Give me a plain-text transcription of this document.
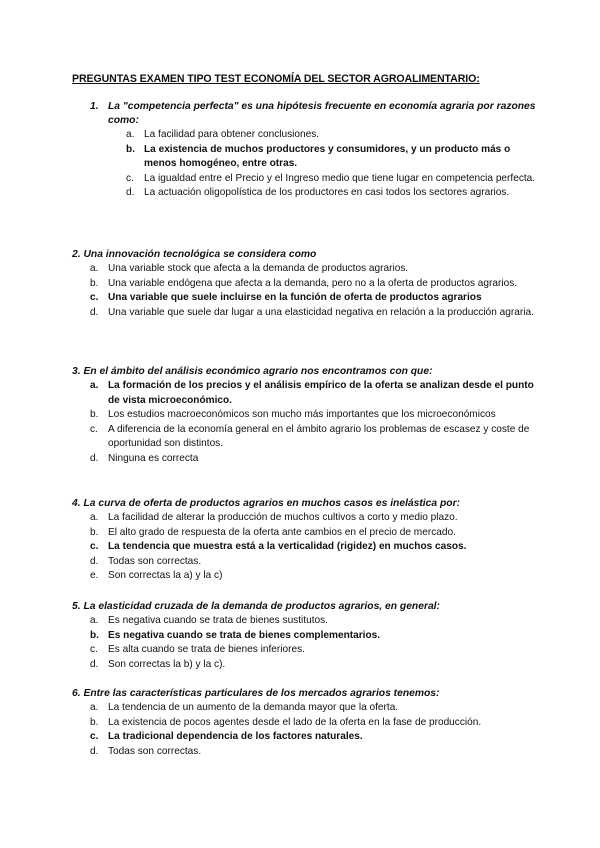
PREGUNTAS EXAMEN TIPO TEST ECONOMÍA DEL SECTOR AGROALIMENTARIO:
1. La "competencia perfecta" es una hipótesis frecuente en economía agraria por razones como:
a. La facilidad para obtener conclusiones.
b. La existencia de muchos productores y consumidores, y un producto más o menos homogéneo, entre otras.
c. La igualdad entre el Precio y el Ingreso medio que tiene lugar en competencia perfecta.
d. La actuación oligopolística de los productores en casi todos los sectores agrarios.
2. Una innovación tecnológica se considera como
a. Una variable stock que afecta a la demanda de productos agrarios.
b. Una variable endógena que afecta a la demanda, pero no a la oferta de productos agrarios.
c. Una variable que suele incluirse en la función de oferta de productos agrarios
d. Una variable que suele dar lugar a una elasticidad negativa en relación a la producción agraria.
3. En el ámbito del análisis económico agrario nos encontramos con que:
a. La formación de los precios y el análisis empírico de la oferta se analizan desde el punto de vista microeconómico.
b. Los estudios macroeconómicos son mucho más importantes que los microeconómicos
c. A diferencia de la economía general en el ámbito agrario los problemas de escasez y coste de oportunidad son distintos.
d. Ninguna es correcta
4. La curva de oferta de productos agrarios en muchos casos es inelástica por:
a. La facilidad de alterar la producción de muchos cultivos a corto y medio plazo.
b. El alto grado de respuesta de la oferta ante cambios en el precio de mercado.
c. La tendencia que muestra está a la verticalidad (rigidez) en muchos casos.
d. Todas son correctas.
e. Son correctas la a) y la c)
5. La elasticidad cruzada de la demanda de productos agrarios, en general:
a. Es negativa cuando se trata de bienes sustitutos.
b. Es negativa cuando se trata de bienes complementarios.
c. Es alta cuando se trata de bienes inferiores.
d. Son correctas la b) y la c).
6. Entre las características particulares de los mercados agrarios tenemos:
a. La tendencia de un aumento de la demanda mayor que la oferta.
b. La existencia de pocos agentes desde el lado de la oferta en la fase de producción.
c. La tradicional dependencia de los factores naturales.
d. Todas son correctas.
